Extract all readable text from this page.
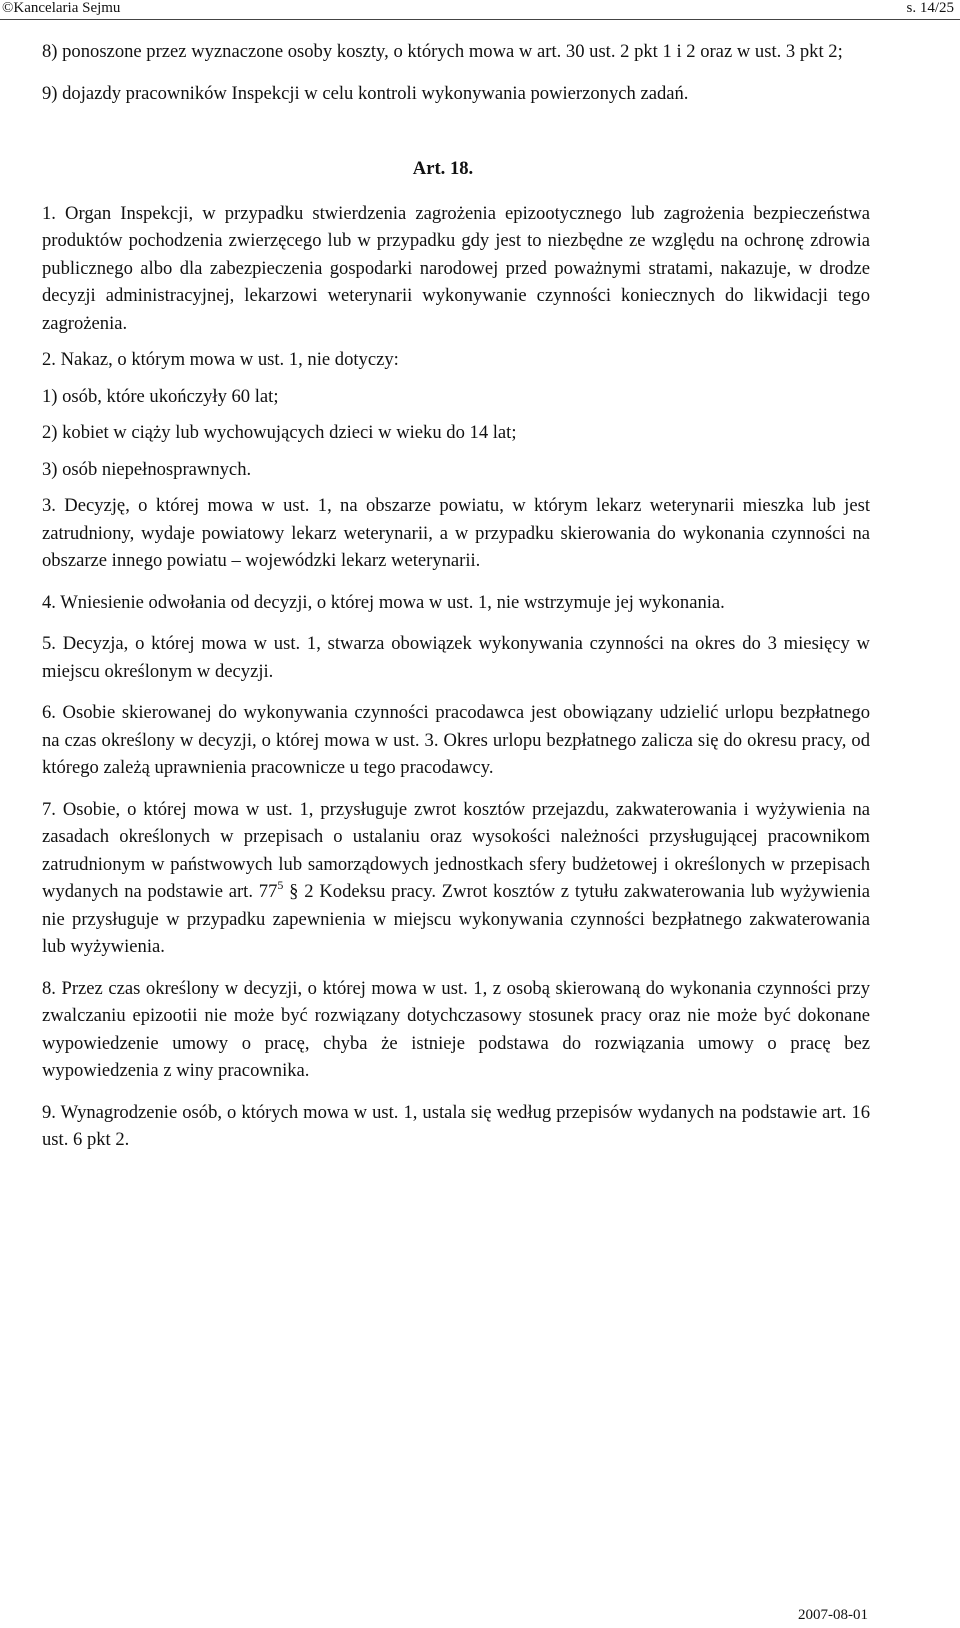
©Kancelaria Sejmu	s. 14/25

8) ponoszone przez wyznaczone osoby koszty, o których mowa w art. 30 ust. 2 pkt 1 i 2 oraz w ust. 3 pkt 2;

9) dojazdy pracowników Inspekcji w celu kontroli wykonywania powierzonych zadań.

Art. 18.

1. Organ Inspekcji, w przypadku stwierdzenia zagrożenia epizootycznego lub zagrożenia bezpieczeństwa produktów pochodzenia zwierzęcego lub w przypadku gdy jest to niezbędne ze względu na ochronę zdrowia publicznego albo dla zabezpieczenia gospodarki narodowej przed poważnymi stratami, nakazuje, w drodze decyzji administracyjnej, lekarzowi weterynarii wykonywanie czynności koniecznych do likwidacji tego zagrożenia.

2. Nakaz, o którym mowa w ust. 1, nie dotyczy:

1) osób, które ukończyły 60 lat;

2) kobiet w ciąży lub wychowujących dzieci w wieku do 14 lat;

3) osób niepełnosprawnych.

3. Decyzję, o której mowa w ust. 1, na obszarze powiatu, w którym lekarz weterynarii mieszka lub jest zatrudniony, wydaje powiatowy lekarz weterynarii, a w przypadku skierowania do wykonania czynności na obszarze innego powiatu – wojewódzki lekarz weterynarii.

4. Wniesienie odwołania od decyzji, o której mowa w ust. 1, nie wstrzymuje jej wykonania.

5. Decyzja, o której mowa w ust. 1, stwarza obowiązek wykonywania czynności na okres do 3 miesięcy w miejscu określonym w decyzji.

6. Osobie skierowanej do wykonywania czynności pracodawca jest obowiązany udzielić urlopu bezpłatnego na czas określony w decyzji, o której mowa w ust. 3. Okres urlopu bezpłatnego zalicza się do okresu pracy, od którego zależą uprawnienia pracownicze u tego pracodawcy.

7. Osobie, o której mowa w ust. 1, przysługuje zwrot kosztów przejazdu, zakwaterowania i wyżywienia na zasadach określonych w przepisach o ustalaniu oraz wysokości należności przysługującej pracownikom zatrudnionym w państwowych lub samorządowych jednostkach sfery budżetowej i określonych w przepisach wydanych na podstawie art. $77^5$ § 2 Kodeksu pracy. Zwrot kosztów z tytułu zakwaterowania lub wyżywienia nie przysługuje w przypadku zapewnienia w miejscu wykonywania czynności bezpłatnego zakwaterowania lub wyżywienia.

8. Przez czas określony w decyzji, o której mowa w ust. 1, z osobą skierowaną do wykonania czynności przy zwalczaniu epizootii nie może być rozwiązany dotychczasowy stosunek pracy oraz nie może być dokonane wypowiedzenie umowy o pracę, chyba że istnieje podstawa do rozwiązania umowy o pracę bez wypowiedzenia z winy pracownika.

9. Wynagrodzenie osób, o których mowa w ust. 1, ustala się według przepisów wydanych na podstawie art. 16 ust. 6 pkt 2.

2007-08-01
